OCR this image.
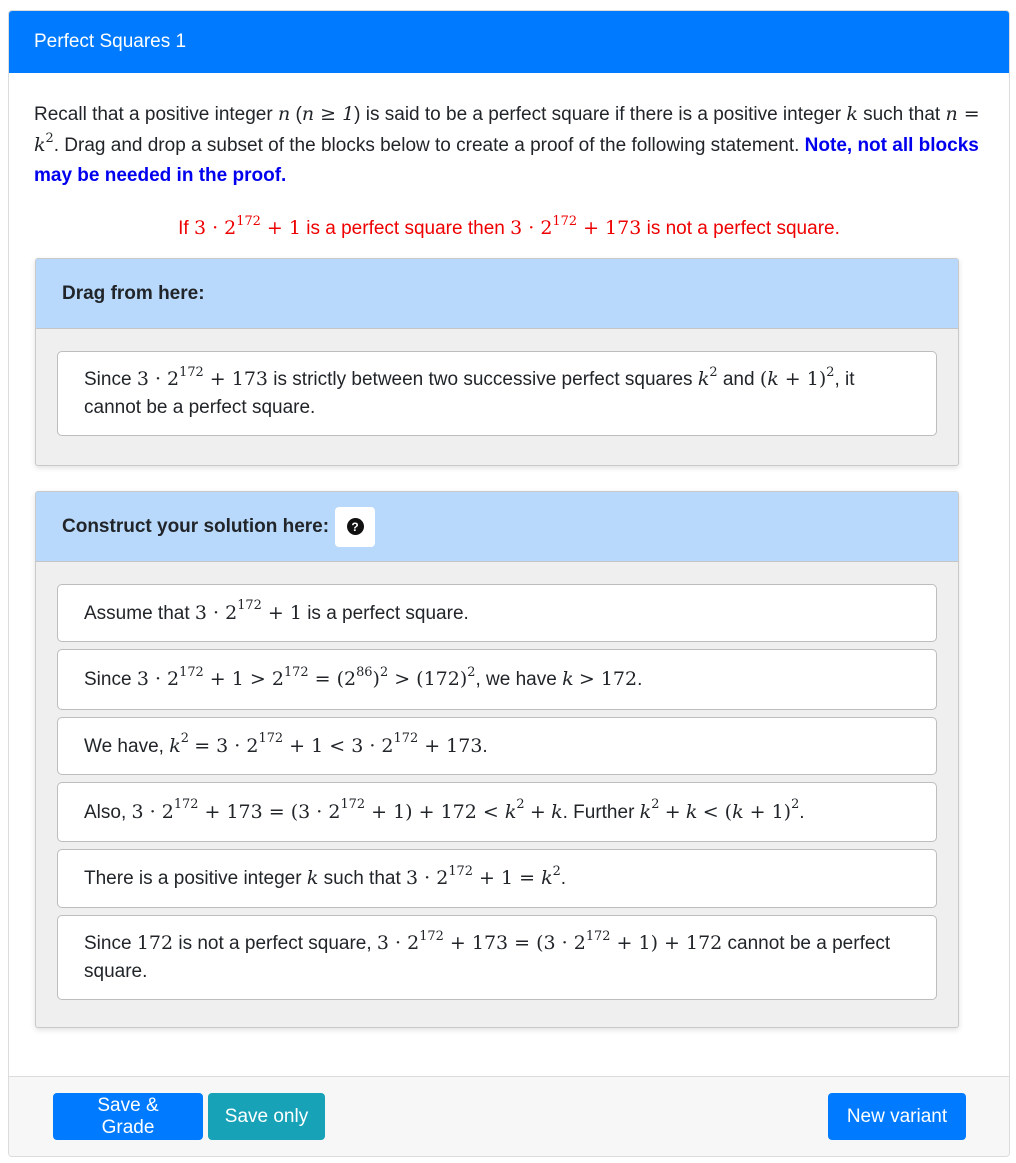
Perfect Squares 1

Recall that a positive integer n (n ≥ 1) is said to be a perfect square if there is a positive integer k such that $n = k^2$. Drag and drop a subset of the blocks below to create a proof of the following statement. Note, not all blocks may be needed in the proof.

If $3 \cdot 2^{172} + 1$ is a perfect square then $3 \cdot 2^{172} + 173$ is not a perfect square.
Drag from here:
Since $3 \cdot 2^{172} + 173$ is strictly between two successive perfect squares $k^2$ and $(k + 1)^2$, it cannot be a perfect square.
Construct your solution here:	?
Assume that $3 \cdot 2^{172} + 1$ is a perfect square.
Since $3 \cdot 2^{172} + 1 > 2^{172} = (2^{86})^2 > (172)^2$, we have k > 172.
We have, $k^2 = 3 \cdot 2^{172} + 1 < 3 \cdot 2^{172} + 173$.
Also, $3 \cdot 2^{172} + 173 = (3 \cdot 2^{172} + 1) + 172 < k^2 + k$. Further $k^2 + k < (k + 1)^2$.
There is a positive integer k such that $3 \cdot 2^{172} + 1 = k^2$.
Since 172 is not a perfect square, $3 \cdot 2^{172} + 173 = (3 \cdot 2^{172} + 1) + 172$ cannot be a perfect square.
Save & Grade
Save only	New variant
